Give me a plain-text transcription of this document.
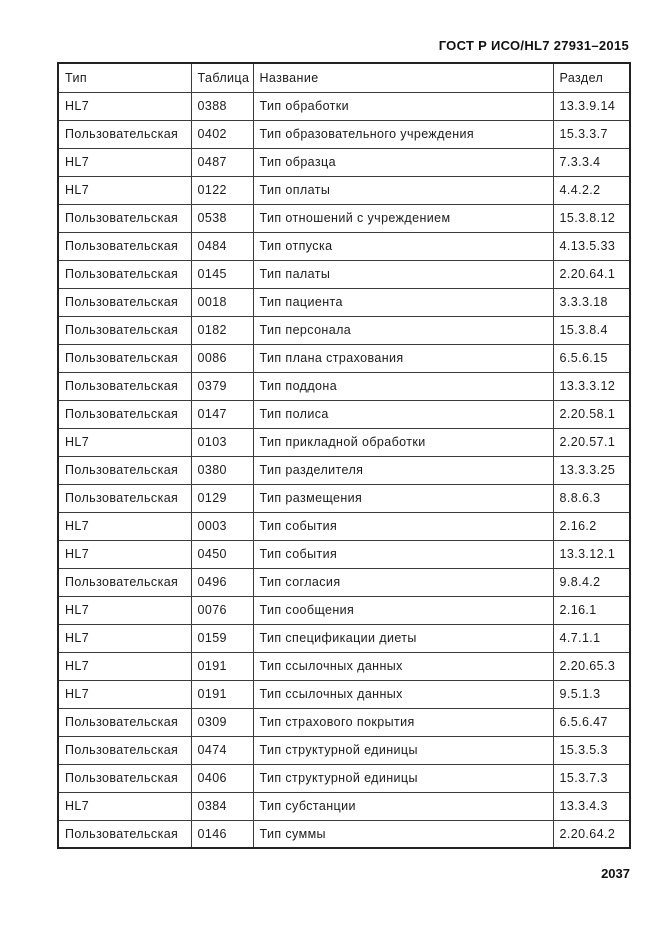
ГОСТ Р ИСО/HL7 27931–2015
Тип	Таблица	Название	Раздел
HL7	0388	Тип обработки	13.3.9.14
Пользовательская	0402	Тип образовательного учреждения	15.3.3.7
HL7	0487	Тип образца	7.3.3.4
HL7	0122	Тип оплаты	4.4.2.2
Пользовательская	0538	Тип отношений с учреждением	15.3.8.12
Пользовательская	0484	Тип отпуска	4.13.5.33
Пользовательская	0145	Тип палаты	2.20.64.1
Пользовательская	0018	Тип пациента	3.3.3.18
Пользовательская	0182	Тип персонала	15.3.8.4
Пользовательская	0086	Тип плана страхования	6.5.6.15
Пользовательская	0379	Тип поддона	13.3.3.12
Пользовательская	0147	Тип полиса	2.20.58.1
HL7	0103	Тип прикладной обработки	2.20.57.1
Пользовательская	0380	Тип разделителя	13.3.3.25
Пользовательская	0129	Тип размещения	8.8.6.3
HL7	0003	Тип события	2.16.2
HL7	0450	Тип события	13.3.12.1
Пользовательская	0496	Тип согласия	9.8.4.2
HL7	0076	Тип сообщения	2.16.1
HL7	0159	Тип спецификации диеты	4.7.1.1
HL7	0191	Тип ссылочных данных	2.20.65.3
HL7	0191	Тип ссылочных данных	9.5.1.3
Пользовательская	0309	Тип страхового покрытия	6.5.6.47
Пользовательская	0474	Тип структурной единицы	15.3.5.3
Пользовательская	0406	Тип структурной единицы	15.3.7.3
HL7	0384	Тип субстанции	13.3.4.3
Пользовательская	0146	Тип суммы	2.20.64.2
2037
